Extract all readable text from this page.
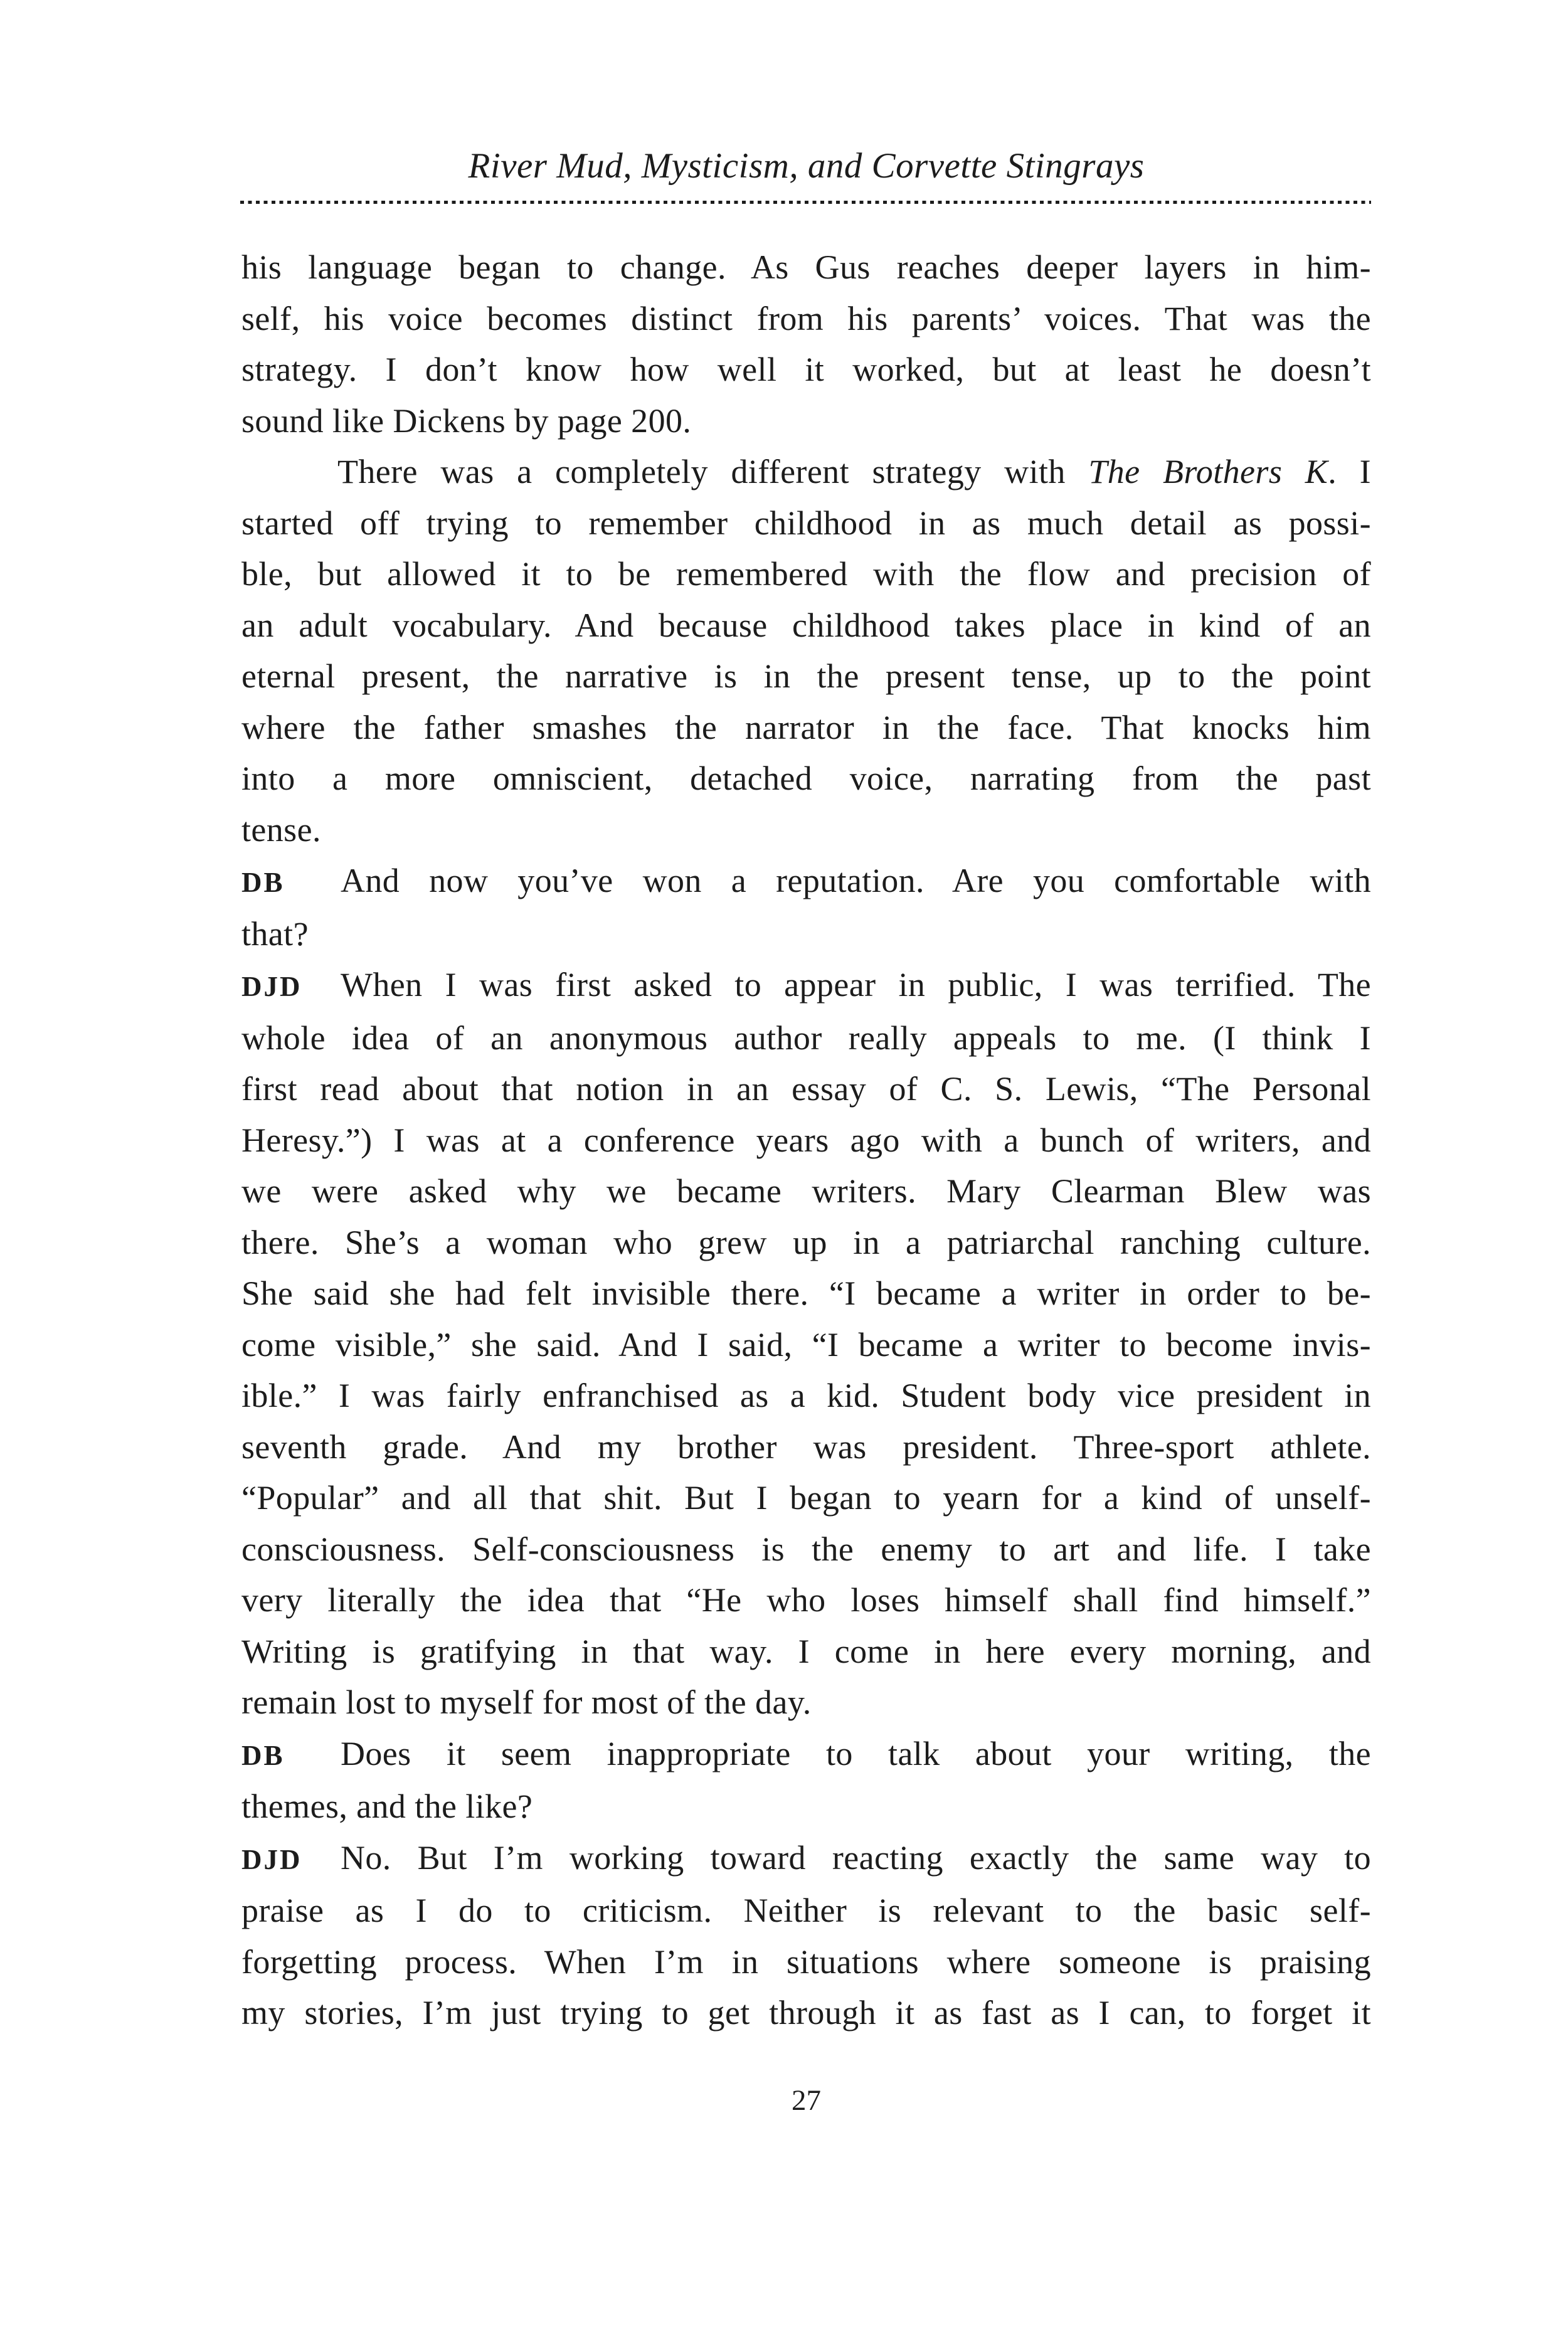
River Mud, Mysticism, and Corvette Stingrays
his language began to change. As Gus reaches deeper layers in him-
self, his voice becomes distinct from his parents’ voices. That was the
strategy. I don’t know how well it worked, but at least he doesn’t
sound like Dickens by page 200.
There was a completely different strategy with The Brothers K. I
started off trying to remember childhood in as much detail as possi-
ble, but allowed it to be remembered with the flow and precision of
an adult vocabulary. And because childhood takes place in kind of an
eternal present, the narrative is in the present tense, up to the point
where the father smashes the narrator in the face. That knocks him
into a more omniscient, detached voice, narrating from the past
tense.
DB And now you’ve won a reputation. Are you comfortable with
that?
DJD When I was first asked to appear in public, I was terrified. The
whole idea of an anonymous author really appeals to me. (I think I
first read about that notion in an essay of C. S. Lewis, “The Personal
Heresy.”) I was at a conference years ago with a bunch of writers, and
we were asked why we became writers. Mary Clearman Blew was
there. She’s a woman who grew up in a patriarchal ranching culture.
She said she had felt invisible there. “I became a writer in order to be-
come visible,” she said. And I said, “I became a writer to become invis-
ible.” I was fairly enfranchised as a kid. Student body vice president in
seventh grade. And my brother was president. Three-sport athlete.
“Popular” and all that shit. But I began to yearn for a kind of unself-
consciousness. Self-consciousness is the enemy to art and life. I take
very literally the idea that “He who loses himself shall find himself.”
Writing is gratifying in that way. I come in here every morning, and
remain lost to myself for most of the day.
DB Does it seem inappropriate to talk about your writing, the
themes, and the like?
DJD No. But I’m working toward reacting exactly the same way to
praise as I do to criticism. Neither is relevant to the basic self-
forgetting process. When I’m in situations where someone is praising
my stories, I’m just trying to get through it as fast as I can, to forget it
27
